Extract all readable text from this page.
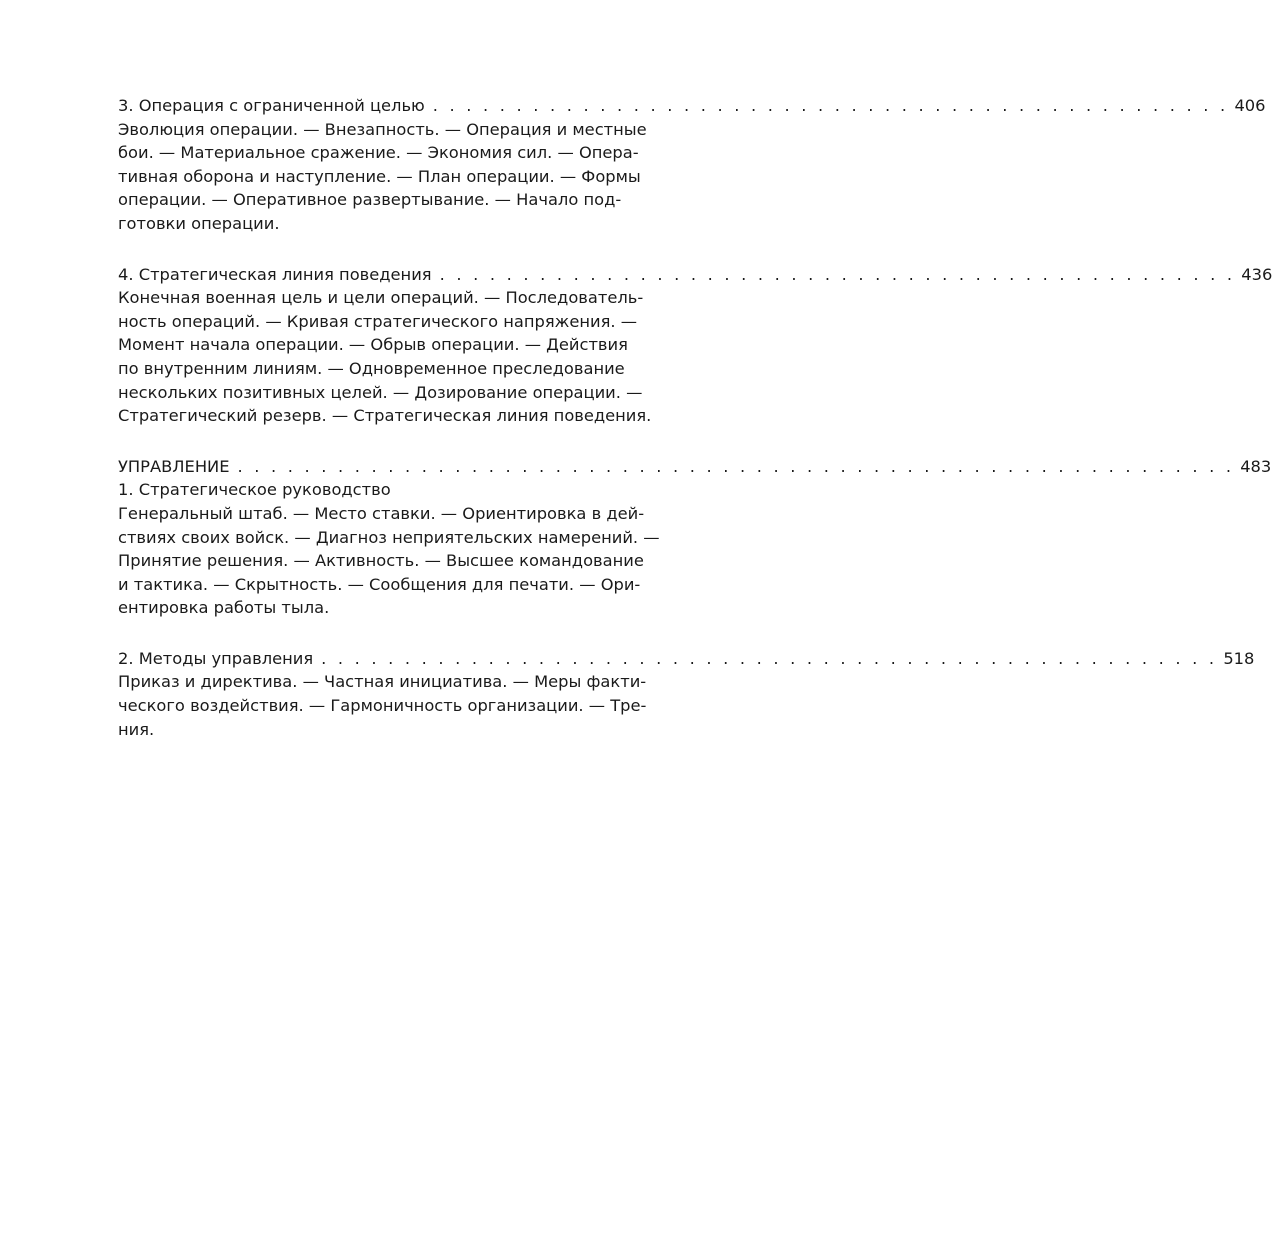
3. Операция с ограниченной целью . . . . . . . . . . . . . . . . . . . . . . . . . . . . . . . . . . . . . . . . . . . . . . . . 406
Эволюция операции. — Внезапность. — Операция и местные
бои. — Материальное сражение. — Экономия сил. — Опера-
тивная оборона и наступление. — План операции. — Формы
операции. — Оперативное развертывание. — Начало под-
готовки операции.
4. Стратегическая линия поведения . . . . . . . . . . . . . . . . . . . . . . . . . . . . . . . . . . . . . . . . . . . . . . . . 436
Конечная военная цель и цели операций. — Последователь-
ность операций. — Кривая стратегического напряжения. —
Момент начала операции. — Обрыв операции. — Действия
по внутренним линиям. — Одновременное преследование
нескольких позитивных целей. — Дозирование операции. —
Стратегический резерв. — Стратегическая линия поведения.
УПРАВЛЕНИЕ . . . . . . . . . . . . . . . . . . . . . . . . . . . . . . . . . . . . . . . . . . . . . . . . . . . . . . . . . . . . 483
1. Стратегическое руководство
Генеральный штаб. — Место ставки. — Ориентировка в дей-
ствиях своих войск. — Диагноз неприятельских намерений. —
Принятие решения. — Активность. — Высшее командование
и тактика. — Скрытность. — Сообщения для печати. — Ори-
ентировка работы тыла.
2. Методы управления . . . . . . . . . . . . . . . . . . . . . . . . . . . . . . . . . . . . . . . . . . . . . . . . . . . . . . 518
Приказ и директива. — Частная инициатива. — Меры факти-
ческого воздействия. — Гармоничность организации. — Тре-
ния.
